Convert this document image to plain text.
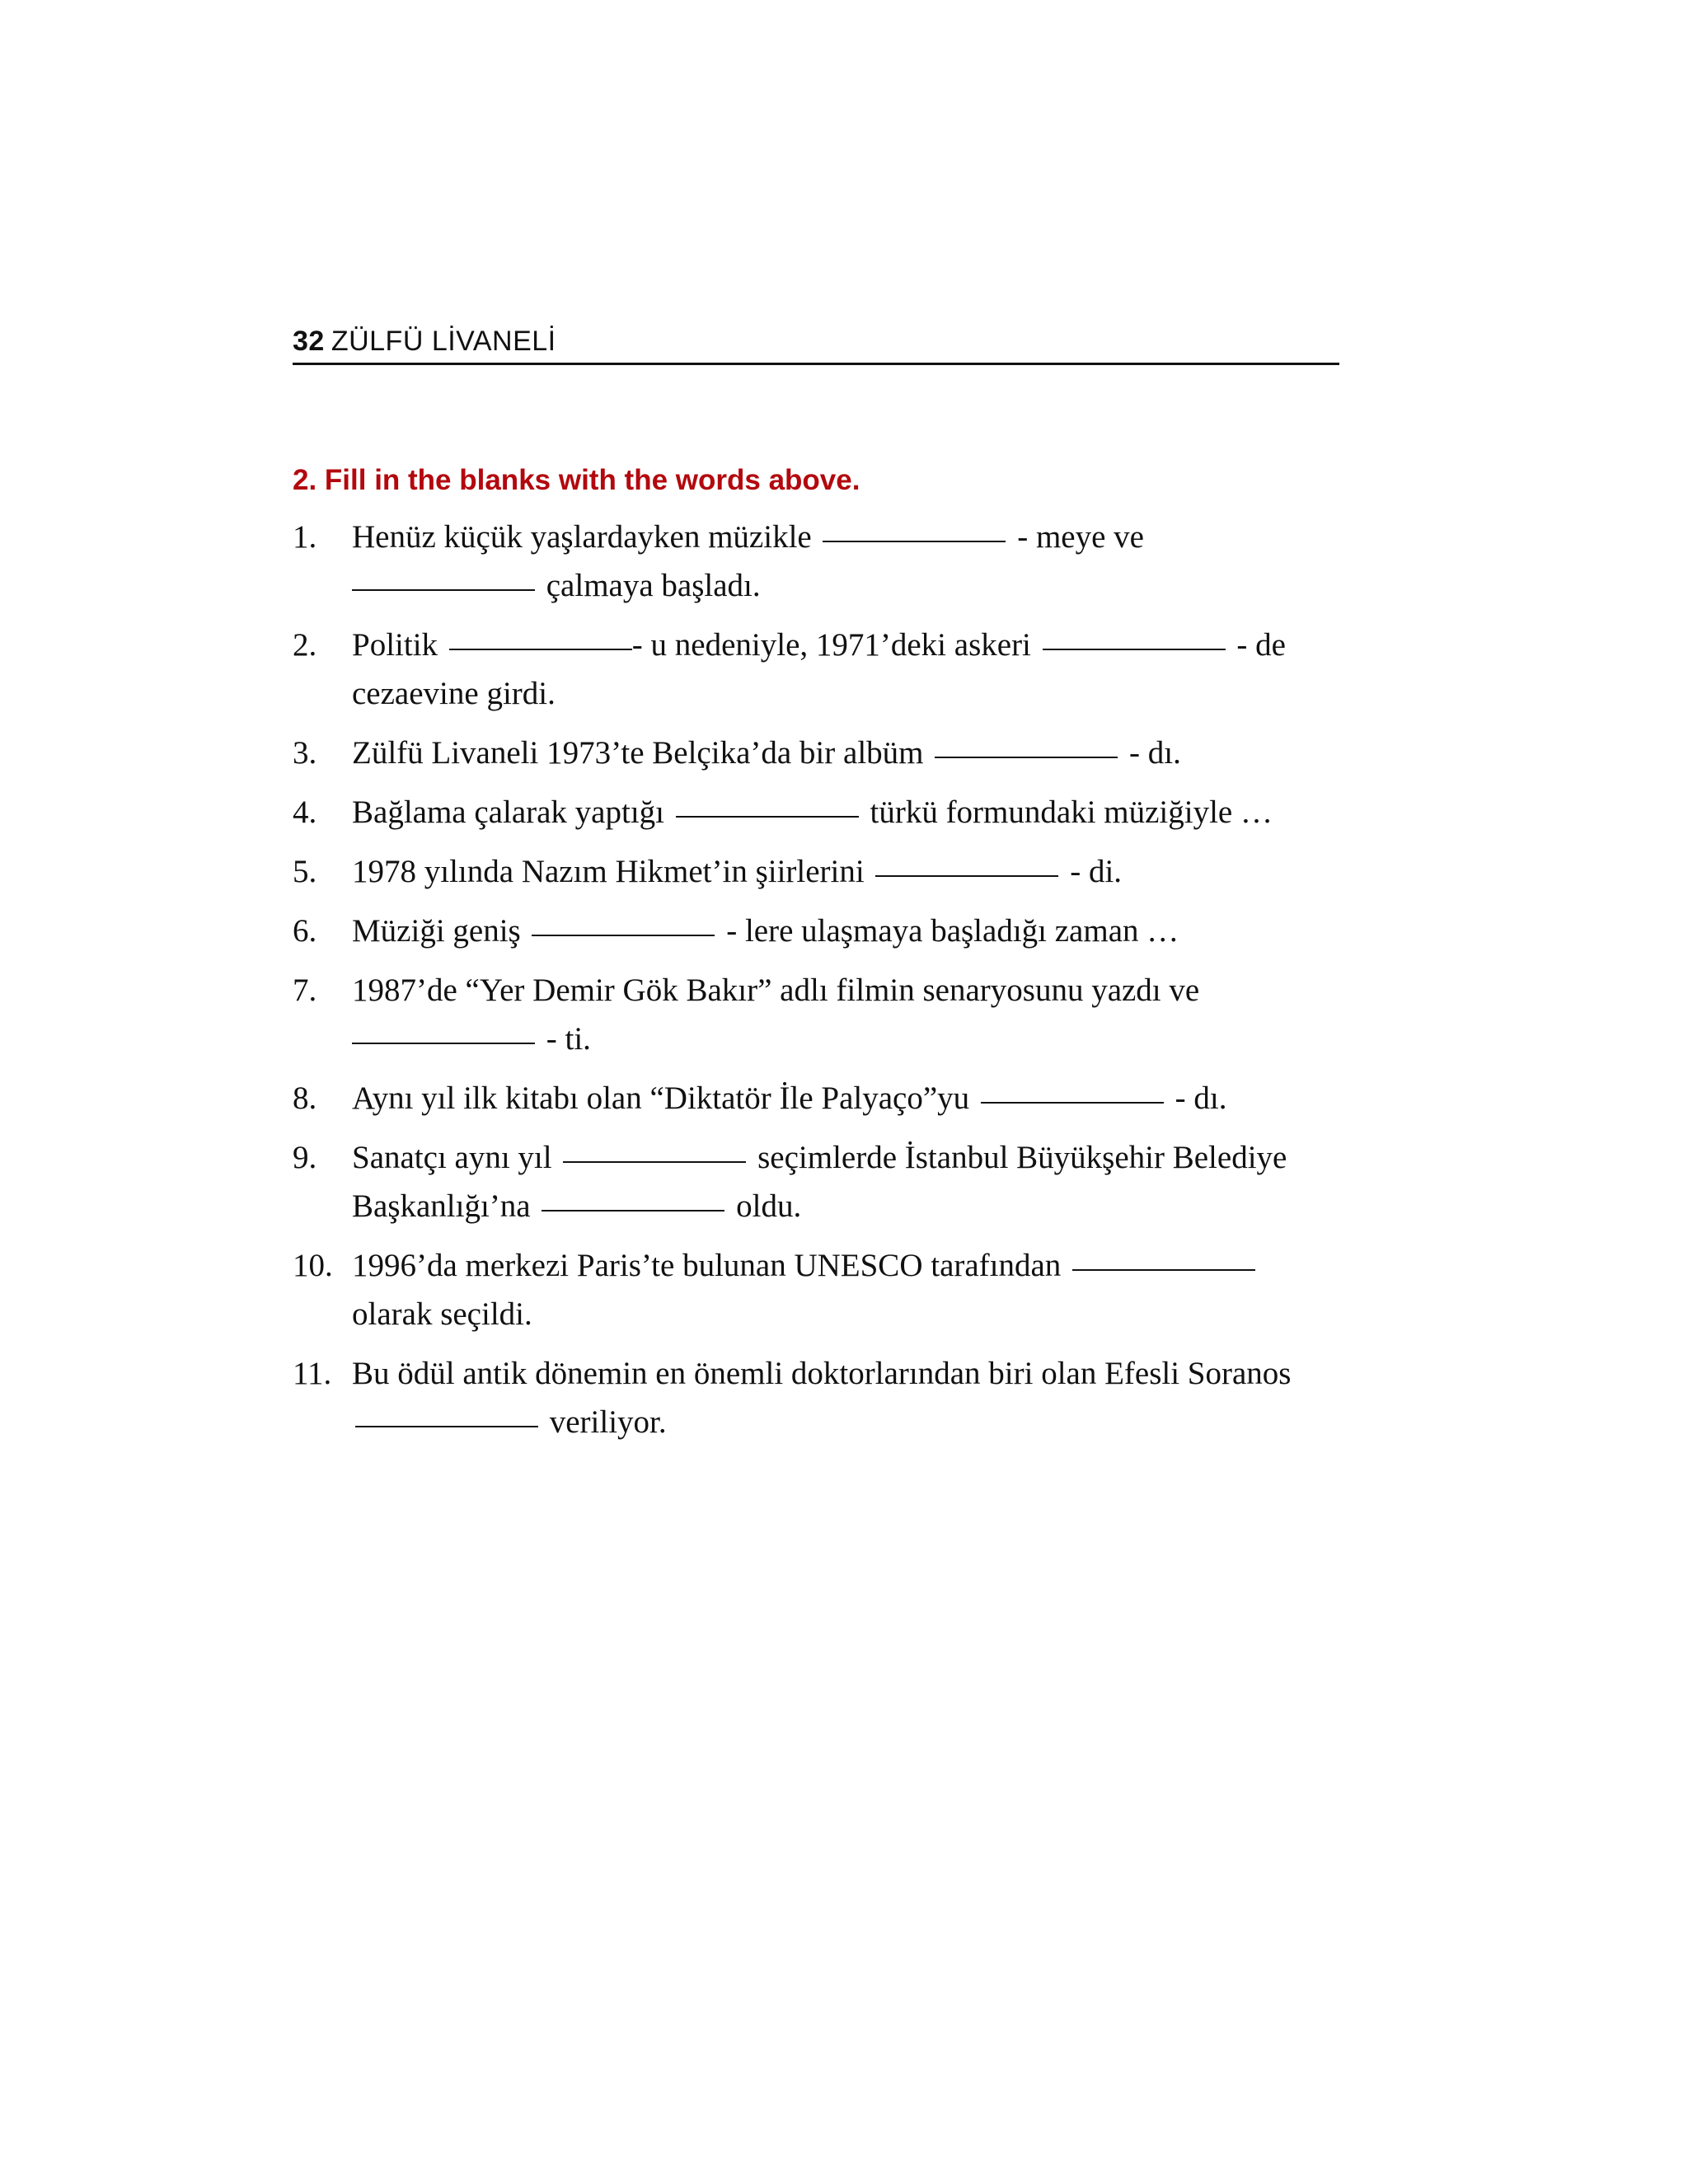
32 ZÜLFÜ LİVANELİ
2. Fill in the blanks with the words above.
1.	Henüz küçük yaşlardayken müzikle	- meye ve
çalmaya başladı.
2.	Politik	- u nedeniyle, 1971’deki askeri	- de cezaevine girdi.
3.	Zülfü Livaneli 1973’te Belçika’da bir albüm	- dı.
4.	Bağlama çalarak yaptığı	türkü formundaki müziğiyle …
5.	1978 yılında Nazım Hikmet’in şiirlerini	- di.
6.	Müziği geniş	- lere ulaşmaya başladığı zaman …
7.	1987’de “Yer Demir Gök Bakır” adlı filmin senaryosunu yazdı ve
- ti.
8.	Aynı yıl ilk kitabı olan “Diktatör İle Palyaço”yu	- dı.
9.	Sanatçı aynı yıl	seçimlerde İstanbul Büyükşehir Belediye Başkanlığı’na	oldu.
10. 1996’da merkezi Paris’te bulunan UNESCO tarafından
olarak seçildi.
11. Bu ödül antik dönemin en önemli doktorlarından biri olan Efesli Soranos  veriliyor.
